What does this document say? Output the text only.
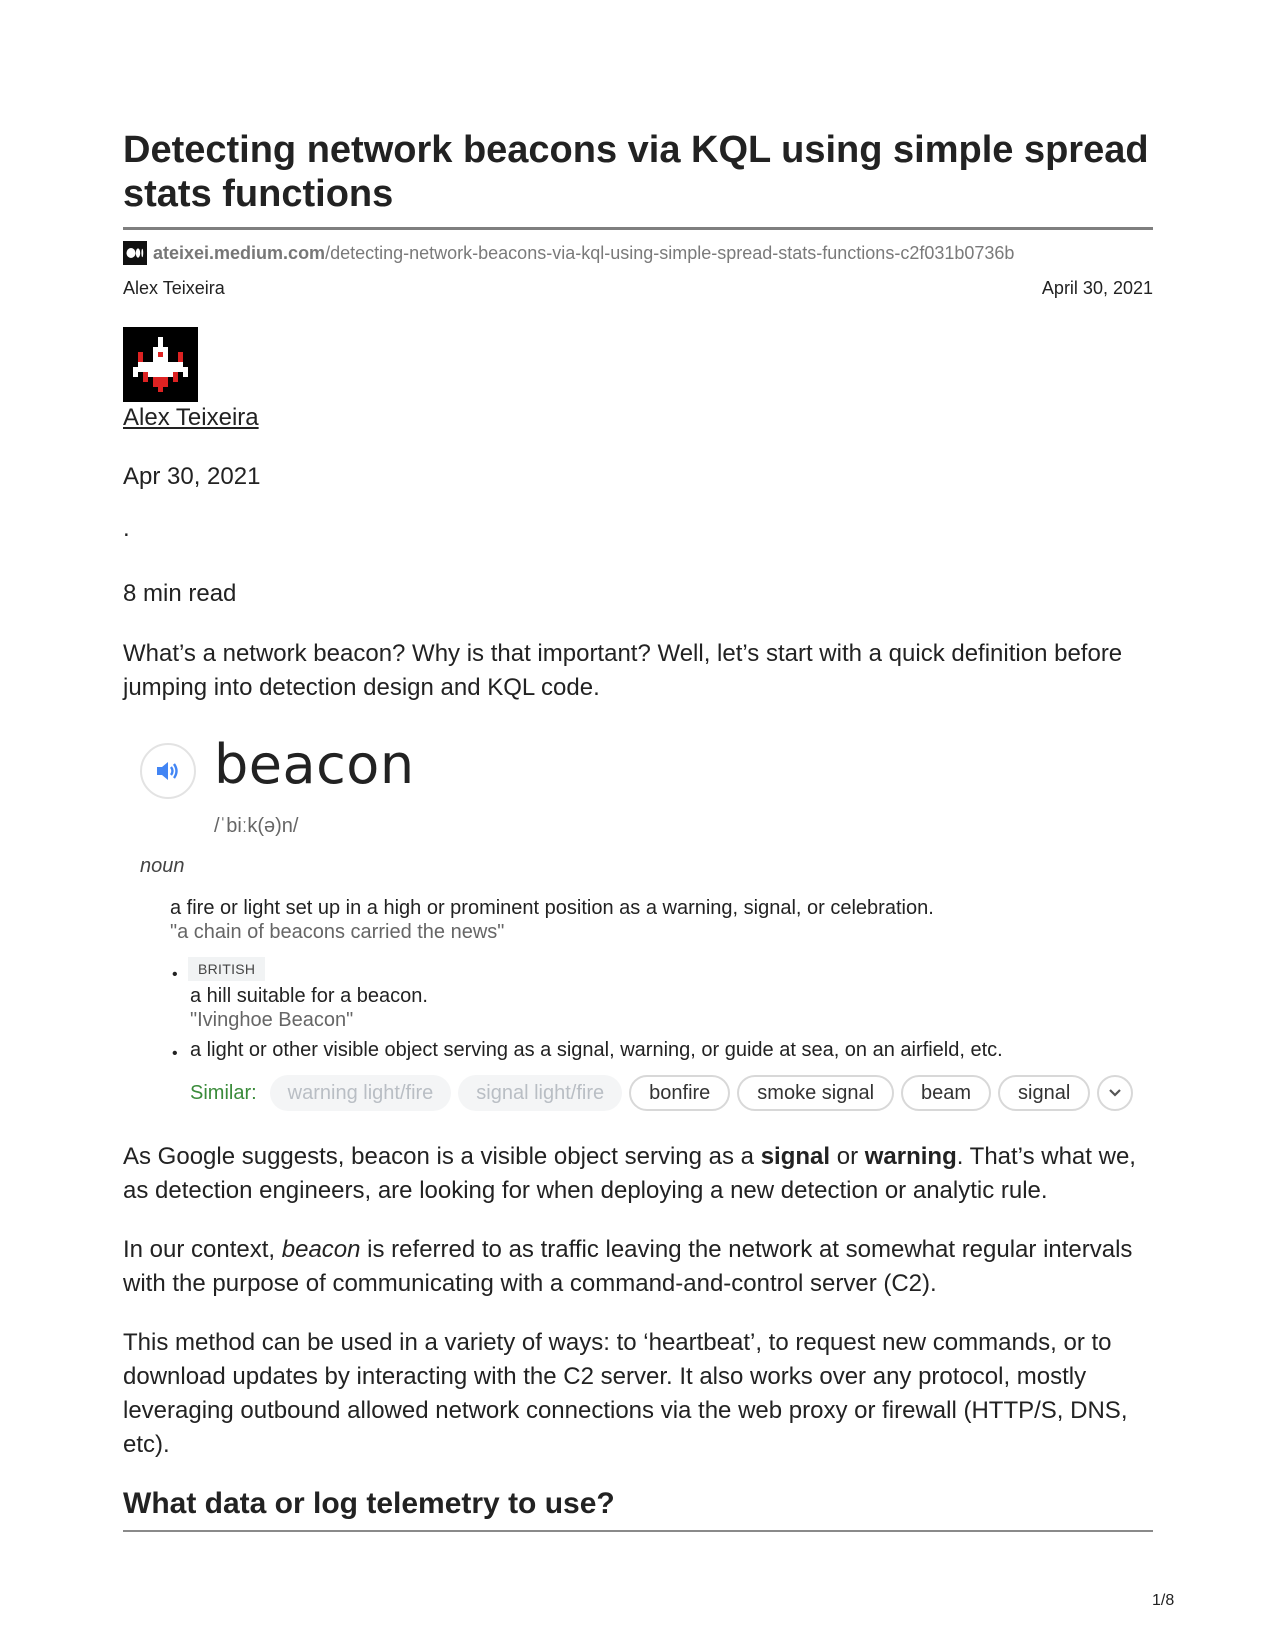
Detecting network beacons via KQL using simple spread stats functions
ateixei.medium.com /detecting-network-beacons-via-kql-using-simple-spread-stats-functions-c2f031b0736b
Alex Teixeira	April 30, 2021
Alex Teixeira
Apr 30, 2021
.
8 min read

What’s a network beacon? Why is that important? Well, let’s start with a quick definition before jumping into detection design and KQL code.

beacon
/ˈbiːk(ə)n/
noun
a fire or light set up in a high or prominent position as a warning, signal, or celebration.
"a chain of beacons carried the news"
•	BRITISH
a hill suitable for a beacon.
"Ivinghoe Beacon"
• a light or other visible object serving as a signal, warning, or guide at sea, on an airfield, etc.
Similar:	warning light/fire	signal light/fire	bonfire	smoke signal	beam	signal

As Google suggests, beacon is a visible object serving as a signal or warning. That’s what we, as detection engineers, are looking for when deploying a new detection or analytic rule.

In our context, beacon is referred to as traffic leaving the network at somewhat regular intervals with the purpose of communicating with a command-and-control server (C2).

This method can be used in a variety of ways: to ‘heartbeat’, to request new commands, or to download updates by interacting with the C2 server. It also works over any protocol, mostly leveraging outbound allowed network connections via the web proxy or firewall (HTTP/S, DNS, etc).

What data or log telemetry to use?
1/8
